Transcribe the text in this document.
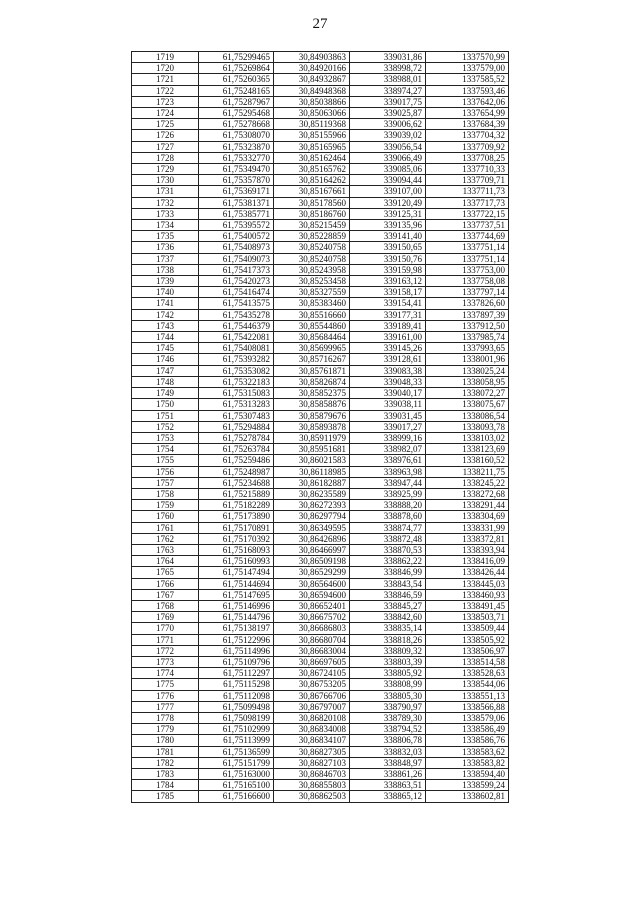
27
1719	61,75299465	30,84903863	339031,86	1337570,99
1720	61,75269864	30,84920166	338998,72	1337579,00
1721	61,75260365	30,84932867	338988,01	1337585,52
1722	61,75248165	30,84948368	338974,27	1337593,46
1723	61,75287967	30,85038866	339017,75	1337642,06
1724	61,75295468	30,85063066	339025,87	1337654,99
1725	61,75278668	30,85119368	339006,62	1337684,39
1726	61,75308070	30,85155966	339039,02	1337704,32
1727	61,75323870	30,85165965	339056,54	1337709,92
1728	61,75332770	30,85162464	339066,49	1337708,25
1729	61,75349470	30,85165762	339085,06	1337710,33
1730	61,75357870	30,85164262	339094,44	1337709,71
1731	61,75369171	30,85167661	339107,00	1337711,73
1732	61,75381371	30,85178560	339120,49	1337717,73
1733	61,75385771	30,85186760	339125,31	1337722,15
1734	61,75395572	30,85215459	339135,96	1337737,51
1735	61,75400572	30,85228859	339141,40	1337744,69
1736	61,75408973	30,85240758	339150,65	1337751,14
1737	61,75409073	30,85240758	339150,76	1337751,14
1738	61,75417373	30,85243958	339159,98	1337753,00
1739	61,75420273	30,85253458	339163,12	1337758,08
1740	61,75416474	30,85327559	339158,17	1337797,14
1741	61,75413575	30,85383460	339154,41	1337826,60
1742	61,75435278	30,85516660	339177,31	1337897,39
1743	61,75446379	30,85544860	339189,41	1337912,50
1744	61,75422081	30,85684464	339161,00	1337985,74
1745	61,75408081	30,85699965	339145,26	1337993,65
1746	61,75393282	30,85716267	339128,61	1338001,96
1747	61,75353082	30,85761871	339083,38	1338025,24
1748	61,75322183	30,85826874	339048,33	1338058,95
1749	61,75315083	30,85852375	339040,17	1338072,27
1750	61,75313283	30,85858876	339038,11	1338075,67
1751	61,75307483	30,85879676	339031,45	1338086,54
1752	61,75294884	30,85893878	339017,27	1338093,78
1753	61,75278784	30,85911979	338999,16	1338103,02
1754	61,75263784	30,85951681	338982,07	1338123,69
1755	61,75259486	30,86021583	338976,61	1338160,52
1756	61,75248987	30,86118985	338963,98	1338211,75
1757	61,75234688	30,86182887	338947,44	1338245,22
1758	61,75215889	30,86235589	338925,99	1338272,68
1759	61,75182289	30,86272393	338888,20	1338291,44
1760	61,75173890	30,86297794	338878,60	1338304,69
1761	61,75170891	30,86349595	338874,77	1338331,99
1762	61,75170392	30,86426896	338872,48	1338372,81
1763	61,75168093	30,86466997	338870,53	1338393,94
1764	61,75160993	30,86509198	338862,22	1338416,09
1765	61,75147494	30,86529299	338846,99	1338426,44
1766	61,75144694	30,86564600	338843,54	1338445,03
1767	61,75147695	30,86594600	338846,59	1338460,93
1768	61,75146996	30,86652401	338845,27	1338491,45
1769	61,75144796	30,86675702	338842,60	1338503,71
1770	61,75138197	30,86686803	338835,14	1338509,44
1771	61,75122996	30,86680704	338818,26	1338505,92
1772	61,75114996	30,86683004	338809,32	1338506,97
1773	61,75109796	30,86697605	338803,39	1338514,58
1774	61,75112297	30,86724105	338805,92	1338528,63
1775	61,75115298	30,86753205	338808,99	1338544,06
1776	61,75112098	30,86766706	338805,30	1338551,13
1777	61,75099498	30,86797007	338790,97	1338566,88
1778	61,75098199	30,86820108	338789,30	1338579,06
1779	61,75102999	30,86834008	338794,52	1338586,49
1780	61,75113999	30,86834107	338806,78	1338586,76
1781	61,75136599	30,86827305	338832,03	1338583,62
1782	61,75151799	30,86827103	338848,97	1338583,82
1783	61,75163000	30,86846703	338861,26	1338594,40
1784	61,75165100	30,86855803	338863,51	1338599,24
1785	61,75166600	30,86862503	338865,12	1338602,81
